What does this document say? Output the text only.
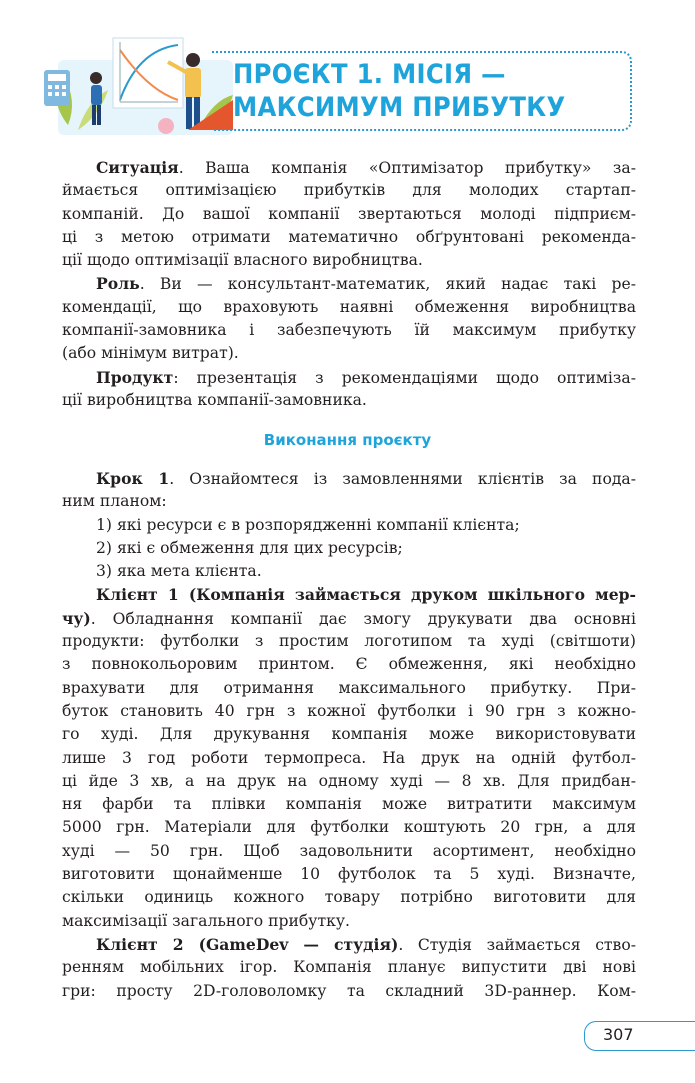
ПРОЄКТ 1. МІСІЯ —
МАКСИМУМ ПРИБУТКУ
Ситуація. Ваша компанія «Оптимізатор прибутку» за-
ймається оптимізацією прибутків для молодих стартап-
компаній. До вашої компанії звертаються молоді підприєм-
ці з метою отримати математично обґрунтовані рекоменда-
ції щодо оптимізації власного виробництва.
Роль. Ви — консультант-математик, який надає такі ре-
комендації, що враховують наявні обмеження виробництва
компанії-замовника і забезпечують їй максимум прибутку
(або мінімум витрат).
Продукт: презентація з рекомендаціями щодо оптиміза-
ції виробництва компанії-замовника.
Виконання проєкту
Крок 1. Ознайомтеся із замовленнями клієнтів за пода-
ним планом:
1) які ресурси є в розпорядженні компанії клієнта;
2) які є обмеження для цих ресурсів;
3) яка мета клієнта.
Клієнт 1 (Компанія займається друком шкільного мер-
чу). Обладнання компанії дає змогу друкувати два основні
продукти: футболки з простим логотипом та худі (світшоти)
з повнокольоровим принтом. Є обмеження, які необхідно
врахувати для отримання максимального прибутку. При-
буток становить 40 грн з кожної футболки і 90 грн з кожно-
го худі. Для друкування компанія може використовувати
лише 3 год роботи термопреса. На друк на одній футбол-
ці йде 3 хв, а на друк на одному худі — 8 хв. Для придбан-
ня фарби та плівки компанія може витратити максимум
5000 грн. Матеріали для футболки коштують 20 грн, а для
худі — 50 грн. Щоб задовольнити асортимент, необхідно
виготовити щонайменше 10 футболок та 5 худі. Визначте,
скільки одиниць кожного товару потрібно виготовити для
максимізації загального прибутку.
Клієнт 2 (GameDev — студія). Студія займається ство-
ренням мобільних ігор. Компанія планує випустити дві нові
гри: просту 2D-головоломку та складний 3D-раннер. Ком-
307
